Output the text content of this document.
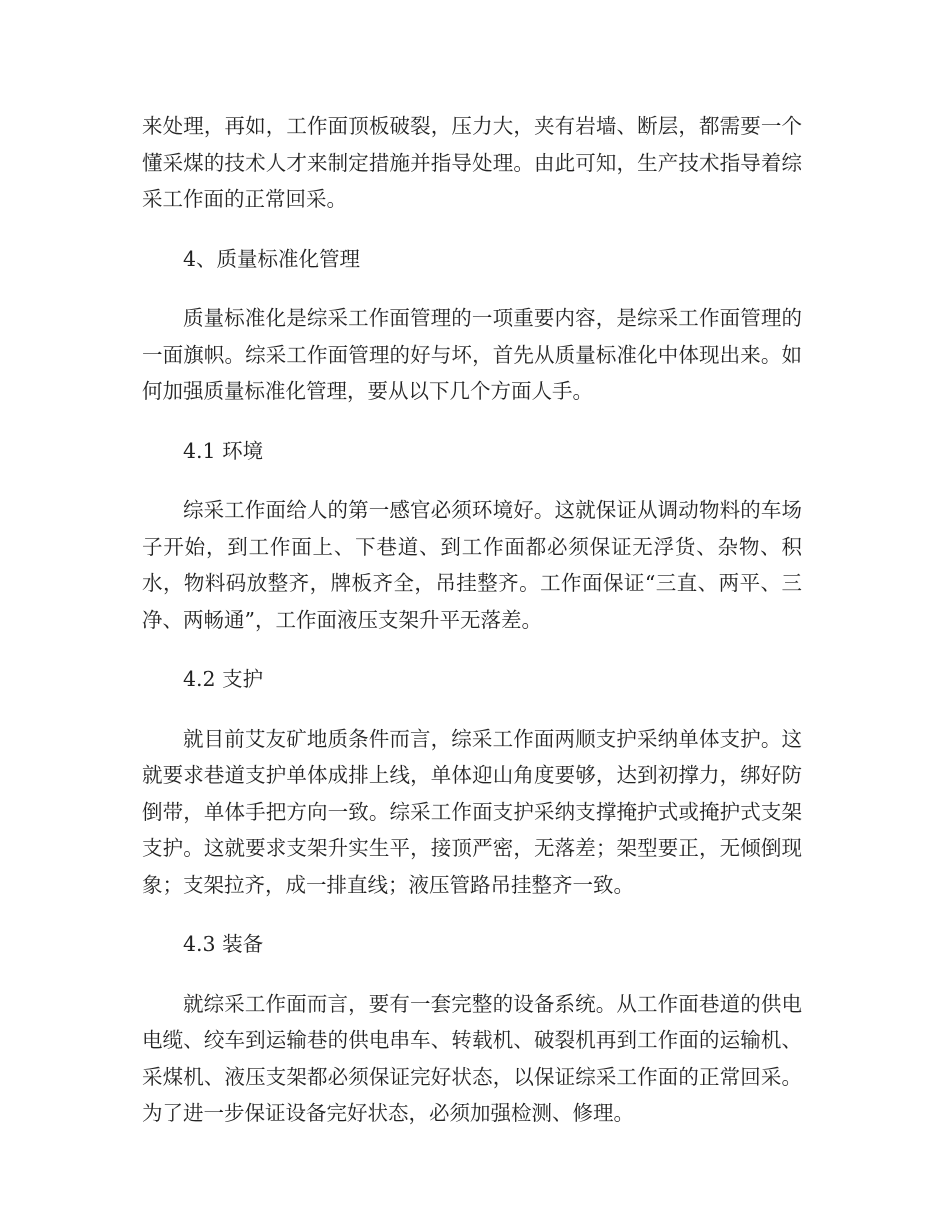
来处理，再如，工作面顶板破裂，压力大，夹有岩墙、断层，都需要一个懂采煤的技术人才来制定措施并指导处理。由此可知，生产技术指导着综采工作面的正常回采。

4、质量标准化管理

质量标准化是综采工作面管理的一项重要内容，是综采工作面管理的一面旗帜。综采工作面管理的好与坏，首先从质量标准化中体现出来。如何加强质量标准化管理，要从以下几个方面人手。

4.1 环境

综采工作面给人的第一感官必须环境好。这就保证从调动物料的车场子开始，到工作面上、下巷道、到工作面都必须保证无浮货、杂物、积水，物料码放整齐，牌板齐全，吊挂整齐。工作面保证“三直、两平、三净、两畅通”，工作面液压支架升平无落差。

4.2 支护

就目前艾友矿地质条件而言，综采工作面两顺支护采纳单体支护。这就要求巷道支护单体成排上线，单体迎山角度要够，达到初撑力，绑好防倒带，单体手把方向一致。综采工作面支护采纳支撑掩护式或掩护式支架支护。这就要求支架升实生平，接顶严密，无落差；架型要正，无倾倒现象；支架拉齐，成一排直线；液压管路吊挂整齐一致。

4.3 装备

就综采工作面而言，要有一套完整的设备系统。从工作面巷道的供电电缆、绞车到运输巷的供电串车、转载机、破裂机再到工作面的运输机、采煤机、液压支架都必须保证完好状态，以保证综采工作面的正常回采。为了进一步保证设备完好状态，必须加强检测、修理。
